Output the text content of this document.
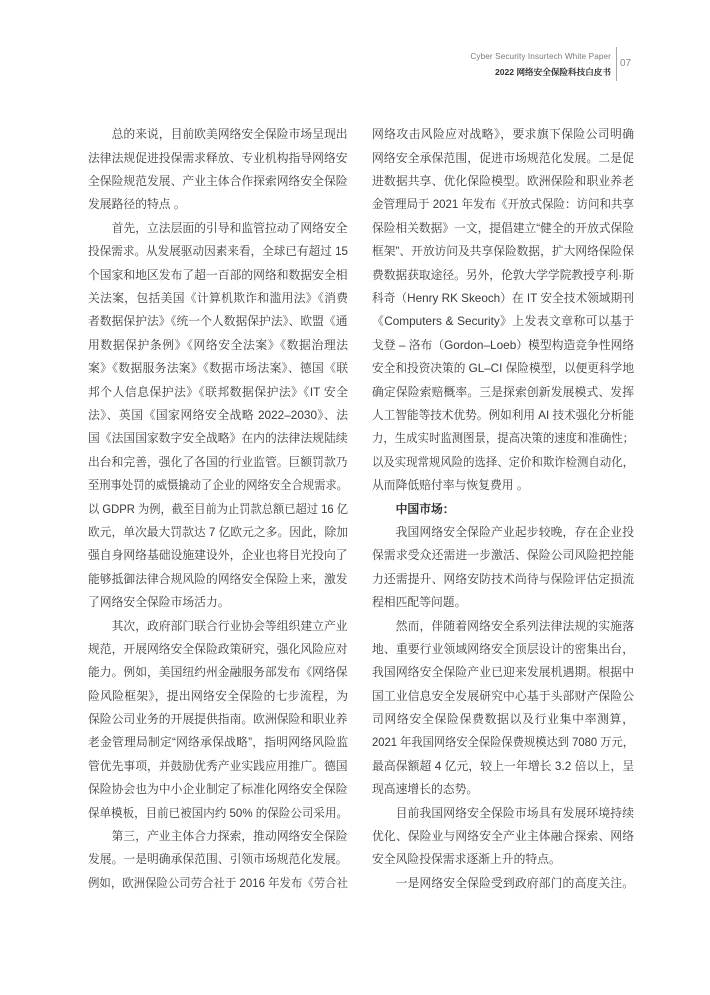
Cyber Security Insurtech White Paper
2022 网络安全保险科技白皮书
07
总的来说，目前欧美网络安全保险市场呈现出
法律法规促进投保需求释放、专业机构指导网络安
全保险规范发展、产业主体合作探索网络安全保险
发展路径的特点 。
首先，立法层面的引导和监管拉动了网络安全
投保需求。从发展驱动因素来看，全球已有超过 15
个国家和地区发布了超一百部的网络和数据安全相
关法案，包括美国《计算机欺诈和滥用法》《消费
者数据保护法》《统一个人数据保护法》、欧盟《通
用数据保护条例》《网络安全法案》《数据治理法
案》《数据服务法案》《数据市场法案》、德国《联
邦个人信息保护法》《联邦数据保护法》《IT 安全
法》、英国《国家网络安全战略 2022–2030》、法
国《法国国家数字安全战略》在内的法律法规陆续
出台和完善，强化了各国的行业监管。巨额罚款乃
至刑事处罚的威慑撬动了企业的网络安全合规需求。
以 GDPR 为例，截至目前为止罚款总额已超过 16 亿
欧元，单次最大罚款达 7 亿欧元之多。因此，除加
强自身网络基础设施建设外，企业也将目光投向了
能够抵御法律合规风险的网络安全保险上来，激发
了网络安全保险市场活力。
其次，政府部门联合行业协会等组织建立产业
规范，开展网络安全保险政策研究，强化风险应对
能力。例如，美国纽约州金融服务部发布《网络保
险风险框架》，提出网络安全保险的七步流程，为
保险公司业务的开展提供指南。欧洲保险和职业养
老金管理局制定“网络承保战略”，指明网络风险监
管优先事项，并鼓励优秀产业实践应用推广。德国
保险协会也为中小企业制定了标准化网络安全保险
保单模板，目前已被国内约 50% 的保险公司采用。
第三，产业主体合力探索，推动网络安全保险
发展。一是明确承保范围、引领市场规范化发展。
例如，欧洲保险公司劳合社于 2016 年发布《劳合社
网络攻击风险应对战略》，要求旗下保险公司明确
网络安全承保范围，促进市场规范化发展。二是促
进数据共享、优化保险模型。欧洲保险和职业养老
金管理局于 2021 年发布《开放式保险：访问和共享
保险相关数据》一文，提倡建立“健全的开放式保险
框架”、开放访问及共享保险数据，扩大网络保险保
费数据获取途径。另外，伦敦大学学院教授亨利·斯
科奇（Henry RK Skeoch）在 IT 安全技术领域期刊
《Computers & Security》上发表文章称可以基于
戈登 – 洛布（Gordon–Loeb）模型构造竞争性网络
安全和投资决策的 GL–CI 保险模型，以便更科学地
确定保险索赔概率。三是探索创新发展模式、发挥
人工智能等技术优势。例如利用 AI 技术强化分析能
力，生成实时监测图景，提高决策的速度和准确性；
以及实现常规风险的选择、定价和欺诈检测自动化，
从而降低赔付率与恢复费用 。
中国市场：
我国网络安全保险产业起步较晚，存在企业投
保需求受众还需进一步激活、保险公司风险把控能
力还需提升、网络安防技术尚待与保险评估定损流
程相匹配等问题。
然而，伴随着网络安全系列法律法规的实施落
地、重要行业领域网络安全顶层设计的密集出台，
我国网络安全保险产业已迎来发展机遇期。根据中
国工业信息安全发展研究中心基于头部财产保险公
司网络安全保险保费数据以及行业集中率测算，
2021 年我国网络安全保险保费规模达到 7080 万元，
最高保额超 4 亿元，较上一年增长 3.2 倍以上，呈
现高速增长的态势。
目前我国网络安全保险市场具有发展环境持续
优化、保险业与网络安全产业主体融合探索、网络
安全风险投保需求逐渐上升的特点。
一是网络安全保险受到政府部门的高度关注。
